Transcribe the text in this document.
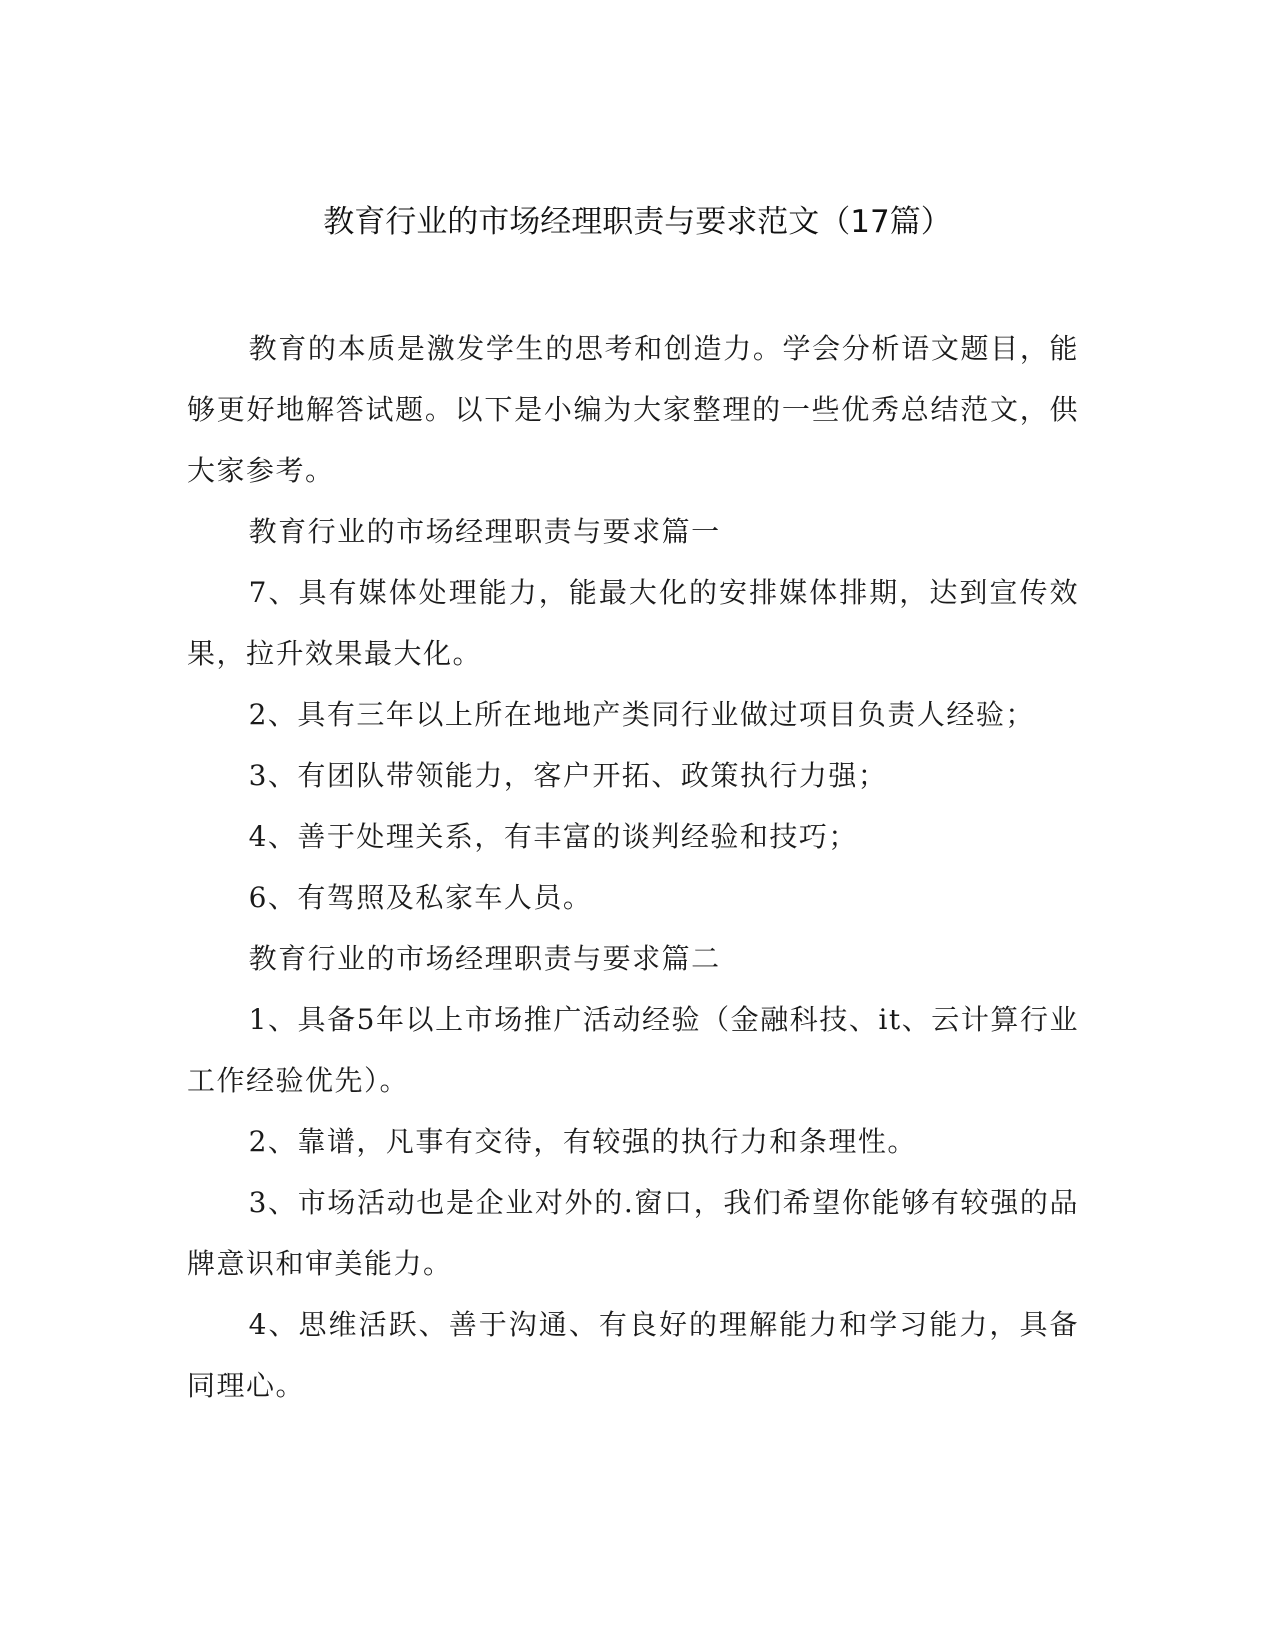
教育行业的市场经理职责与要求范文（17篇）

教育的本质是激发学生的思考和创造力。学会分析语文题目，能够更好地解答试题。以下是小编为大家整理的一些优秀总结范文，供大家参考。

教育行业的市场经理职责与要求篇一

7、具有媒体处理能力，能最大化的安排媒体排期，达到宣传效果，拉升效果最大化。

2、具有三年以上所在地地产类同行业做过项目负责人经验；

3、有团队带领能力，客户开拓、政策执行力强；

4、善于处理关系，有丰富的谈判经验和技巧；

6、有驾照及私家车人员。

教育行业的市场经理职责与要求篇二

1、具备5年以上市场推广活动经验（金融科技、it、云计算行业工作经验优先）。

2、靠谱，凡事有交待，有较强的执行力和条理性。

3、市场活动也是企业对外的.窗口，我们希望你能够有较强的品牌意识和审美能力。

4、思维活跃、善于沟通、有良好的理解能力和学习能力，具备同理心。
